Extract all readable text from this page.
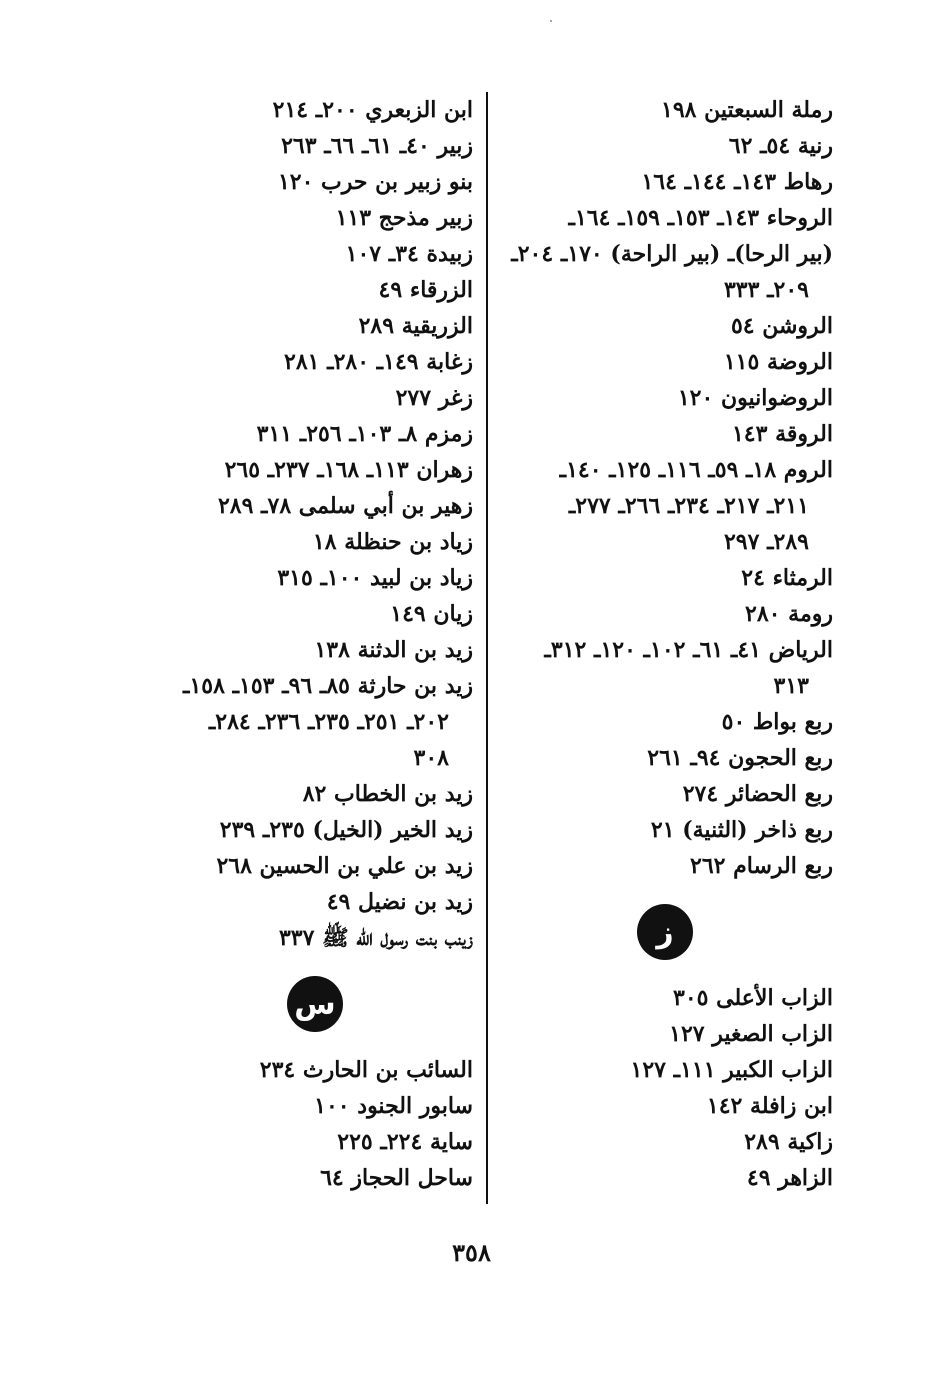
رملة السبعتين ١٩٨
رنية ٥٤ـ ٦٢
رهاط ١٤٣ـ ١٤٤ـ ١٦٤
الروحاء ١٤٣ـ ١٥٣ـ ١٥٩ـ ١٦٤ـ
(بير الرحا)ـ (بير الراحة) ١٧٠ـ ٢٠٤ـ
٢٠٩ـ ٣٣٣
الروشن ٥٤
الروضة ١١٥
الروضوانيون ١٢٠
الروقة ١٤٣
الروم ١٨ـ ٥٩ـ ١١٦ـ ١٢٥ـ ١٤٠ـ
٢١١ـ ٢١٧ـ ٢٣٤ـ ٢٦٦ـ ٢٧٧ـ
٢٨٩ـ ٢٩٧
الرمثاء ٢٤
رومة ٢٨٠
الرياض ٤١ـ ٦١ـ ١٠٢ـ ١٢٠ـ ٣١٢ـ
٣١٣
ربع بواط ٥٠
ربع الحجون ٩٤ـ ٢٦١
ربع الحضائر ٢٧٤
ربع ذاخر (الثنية) ٢١
ربع الرسام ٢٦٢
ز
الزاب الأعلى ٣٠٥
الزاب الصغير ١٢٧
الزاب الكبير ١١١ـ ١٢٧
ابن زافلة ١٤٢
زاكية ٢٨٩
الزاهر ٤٩
ابن الزبعري ٢٠٠ـ ٢١٤
زبير ٤٠ـ ٦١ـ ٦٦ـ ٢٦٣
بنو زبير بن حرب ١٢٠
زبير مذحج ١١٣
زبيدة ٣٤ـ ١٠٧
الزرقاء ٤٩
الزريقية ٢٨٩
زغابة ١٤٩ـ ٢٨٠ـ ٢٨١
زغر ٢٧٧
زمزم ٨ـ ١٠٣ـ ٢٥٦ـ ٣١١
زهران ١١٣ـ ١٦٨ـ ٢٣٧ـ ٢٦٥
زهير بن أبي سلمى ٧٨ـ ٢٨٩
زياد بن حنظلة ١٨
زياد بن لبيد ١٠٠ـ ٣١٥
زيان ١٤٩
زيد بن الدثنة ١٣٨
زيد بن حارثة ٨٥ـ ٩٦ـ ١٥٣ـ ١٥٨ـ
٢٠٢ـ ٢٥١ـ ٢٣٥ـ ٢٣٦ـ ٢٨٤ـ
٣٠٨
زيد بن الخطاب ٨٢
زيد الخير (الخيل) ٢٣٥ـ ٢٣٩
زيد بن علي بن الحسين ٢٦٨
زيد بن نضيل ٤٩
زينب بنت رسول الله ﷺ ٣٣٧
س
السائب بن الحارث ٢٣٤
سابور الجنود ١٠٠
ساية ٢٢٤ـ ٢٢٥
ساحل الحجاز ٦٤
٣٥٨
